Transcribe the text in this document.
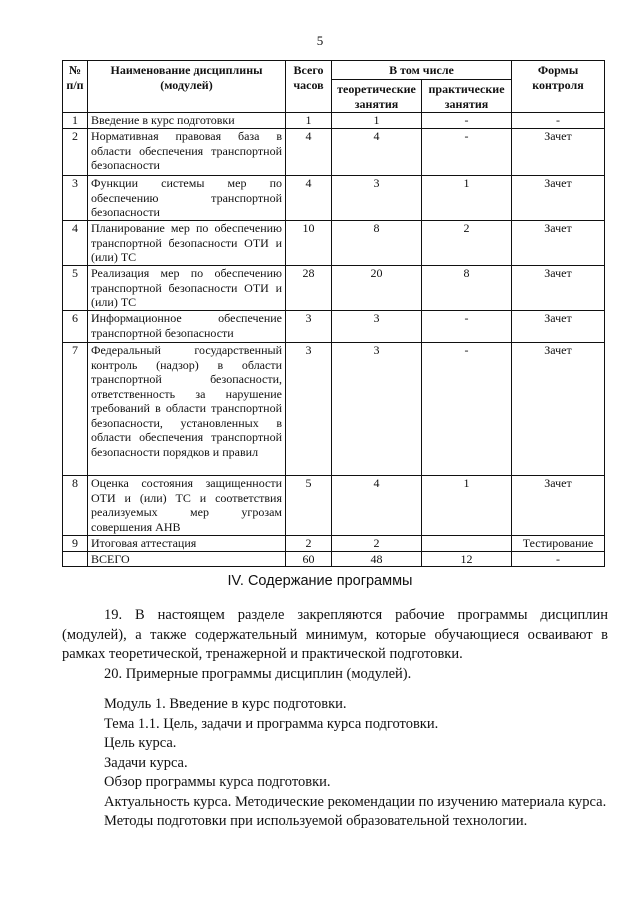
5
№ п/п	Наименование дисциплины (модулей)	Всего часов	В том числе		Формы контроля
			теоретические занятия	практические занятия	
1	Введение в курс подготовки	1	1	-	-
2	Нормативная правовая база в области обеспечения транспортной безопасности	4	4	-	Зачет
3	Функции системы мер по обеспечению транспортной безопасности	4	3	1	Зачет
4	Планирование мер по обеспечению транспортной безопасности ОТИ и (или) ТС	10	8	2	Зачет
5	Реализация мер по обеспечению транспортной безопасности ОТИ и (или) ТС	28	20	8	Зачет
6	Информационное обеспечение транспортной безопасности	3	3	-	Зачет
7	Федеральный государственный контроль (надзор) в области транспортной безопасности, ответственность за нарушение требований в области транспортной безопасности, установленных в области обеспечения транспортной безопасности порядков и правил	3	3	-	Зачет
8	Оценка состояния защищенности ОТИ и (или) ТС и соответствия реализуемых мер угрозам совершения АНВ	5	4	1	Зачет
9	Итоговая аттестация	2	2		Тестирование
	ВСЕГО	60	48	12	-
IV. Содержание программы

19. В настоящем разделе закрепляются рабочие программы дисциплин (модулей), а также содержательный минимум, которые обучающиеся осваивают в рамках теоретической, тренажерной и практической подготовки.

20. Примерные программы дисциплин (модулей).

Модуль 1. Введение в курс подготовки.

Тема 1.1. Цель, задачи и программа курса подготовки.

Цель курса.

Задачи курса.

Обзор программы курса подготовки.

Актуальность курса. Методические рекомендации по изучению материала курса.

Методы подготовки при используемой образовательной технологии.
